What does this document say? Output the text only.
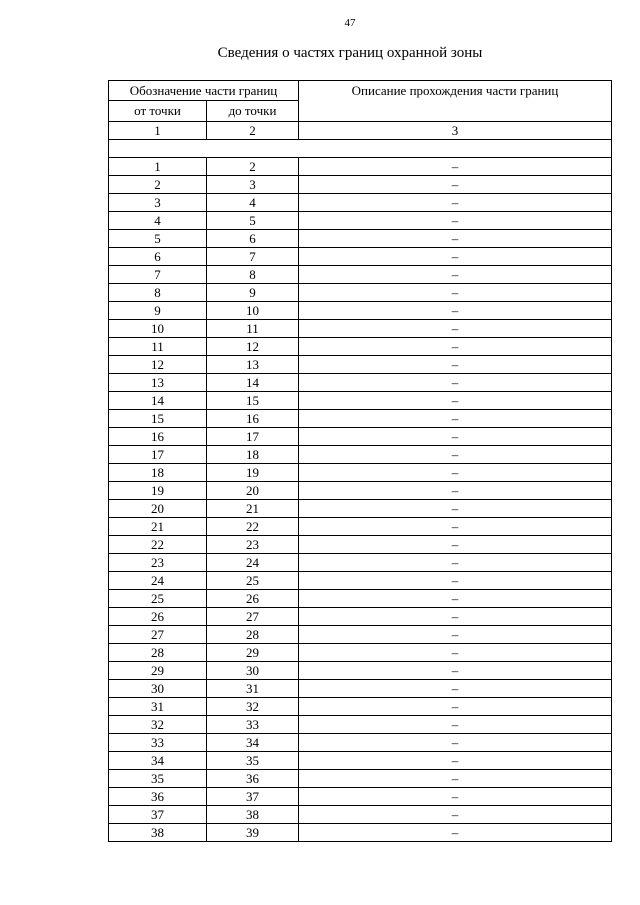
47
Сведения о частях границ охранной зоны
Обозначение части границ		Описание прохождения части границ
от точки	до точки	
1	2	3

1	2	–
2	3	–
3	4	–
4	5	–
5	6	–
6	7	–
7	8	–
8	9	–
9	10	–
10	11	–
11	12	–
12	13	–
13	14	–
14	15	–
15	16	–
16	17	–
17	18	–
18	19	–
19	20	–
20	21	–
21	22	–
22	23	–
23	24	–
24	25	–
25	26	–
26	27	–
27	28	–
28	29	–
29	30	–
30	31	–
31	32	–
32	33	–
33	34	–
34	35	–
35	36	–
36	37	–
37	38	–
38	39	–
